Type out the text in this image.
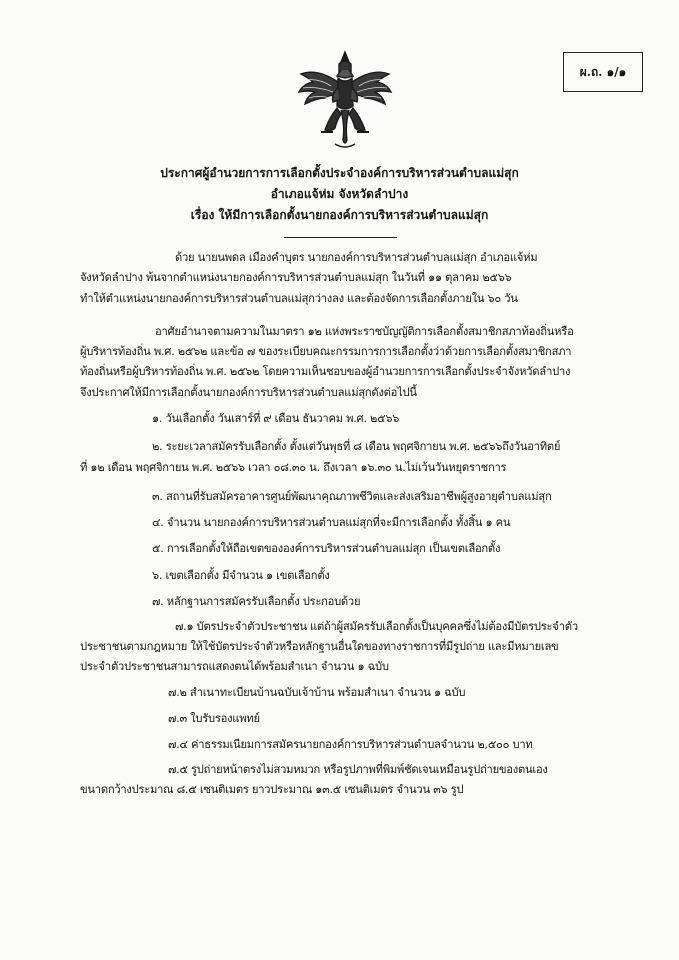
ผ.ถ. ๑/๑
ประกาศผู้อำนวยการการเลือกตั้งประจำองค์การบริหารส่วนตำบลแม่สุก
อำเภอแจ้ห่ม จังหวัดลำปาง
เรื่อง ให้มีการเลือกตั้งนายกองค์การบริหารส่วนตำบลแม่สุก
ด้วย นายนพดล เมืองคำบุตร นายกองค์การบริหารส่วนตำบลแม่สุก อำเภอแจ้ห่ม
จังหวัดลำปาง พ้นจากตำแหน่งนายกองค์การบริหารส่วนตำบลแม่สุก ในวันที่ ๑๑ ตุลาคม ๒๕๖๖
ทำให้ตำแหน่งนายกองค์การบริหารส่วนตำบลแม่สุกว่างลง และต้องจัดการเลือกตั้งภายใน ๖๐ วัน
อาศัยอำนาจตามความในมาตรา ๑๒ แห่งพระราชบัญญัติการเลือกตั้งสมาชิกสภาท้องถิ่นหรือ
ผู้บริหารท้องถิ่น พ.ศ. ๒๕๖๒ และข้อ ๗ ของระเบียบคณะกรรมการการเลือกตั้งว่าด้วยการเลือกตั้งสมาชิกสภา
ท้องถิ่นหรือผู้บริหารท้องถิ่น พ.ศ. ๒๕๖๒ โดยความเห็นชอบของผู้อำนวยการการเลือกตั้งประจำจังหวัดลำปาง
จึงประกาศให้มีการเลือกตั้งนายกองค์การบริหารส่วนตำบลแม่สุกดังต่อไปนี้
๑. วันเลือกตั้ง วันเสาร์ที่ ๙ เดือน ธันวาคม พ.ศ. ๒๕๖๖
๒. ระยะเวลาสมัครรับเลือกตั้ง ตั้งแต่วันพุธที่ ๘ เดือน พฤศจิกายน พ.ศ. ๒๕๖๖ถึงวันอาทิตย์
ที่ ๑๒ เดือน พฤศจิกายน พ.ศ. ๒๕๖๖ เวลา ๐๘.๓๐ น. ถึงเวลา ๑๖.๓๐ น.ไม่เว้นวันหยุดราชการ
๓. สถานที่รับสมัครอาคารศูนย์พัฒนาคุณภาพชีวิตและส่งเสริมอาชีพผู้สูงอายุตำบลแม่สุก
๔. จำนวน นายกองค์การบริหารส่วนตำบลแม่สุกที่จะมีการเลือกตั้ง ทั้งสิ้น ๑ คน
๕. การเลือกตั้งให้ถือเขตขององค์การบริหารส่วนตำบลแม่สุก เป็นเขตเลือกตั้ง
๖. เขตเลือกตั้ง มีจำนวน ๑ เขตเลือกตั้ง
๗. หลักฐานการสมัครรับเลือกตั้ง ประกอบด้วย
๗.๑ บัตรประจำตัวประชาชน แต่ถ้าผู้สมัครรับเลือกตั้งเป็นบุคคลซึ่งไม่ต้องมีบัตรประจำตัว
ประชาชนตามกฎหมาย ให้ใช้บัตรประจำตัวหรือหลักฐานอื่นใดของทางราชการที่มีรูปถ่าย และมีหมายเลข
ประจำตัวประชาชนสามารถแสดงตนได้พร้อมสำเนา จำนวน ๑ ฉบับ
๗.๒ สำเนาทะเบียนบ้านฉบับเจ้าบ้าน พร้อมสำเนา จำนวน ๑ ฉบับ
๗.๓ ใบรับรองแพทย์
๗.๔ ค่าธรรมเนียมการสมัครนายกองค์การบริหารส่วนตำบลจำนวน ๒,๕๐๐ บาท
๗.๕ รูปถ่ายหน้าตรงไม่สวมหมวก หรือรูปภาพที่พิมพ์ชัดเจนเหมือนรูปถ่ายของตนเอง
ขนาดกว้างประมาณ ๘.๕ เซนติเมตร ยาวประมาณ ๑๓.๕ เซนติเมตร จำนวน ๓๖ รูป
